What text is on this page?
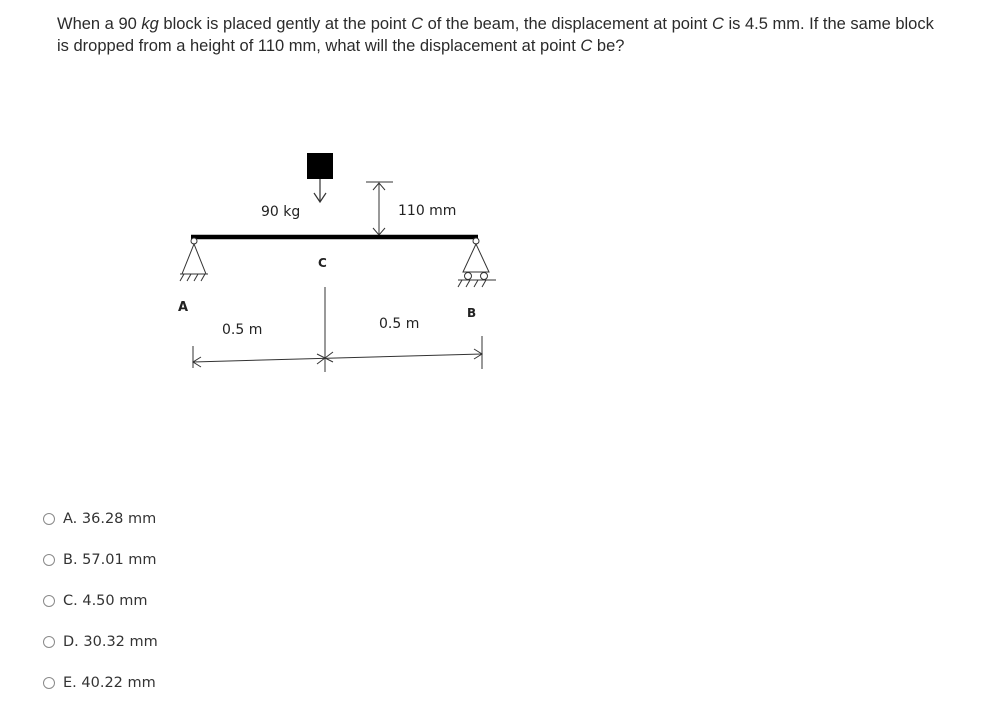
When a 90 kg block is placed gently at the point C of the beam, the displacement at point C is 4.5 mm. If the same block is dropped from a height of 110 mm, what will the displacement at point C be?
90 kg	110 mm
C
A	B
0.5 m	0.5 m
A. 36.28 mm
B. 57.01 mm
C. 4.50 mm
D. 30.32 mm
E. 40.22 mm
